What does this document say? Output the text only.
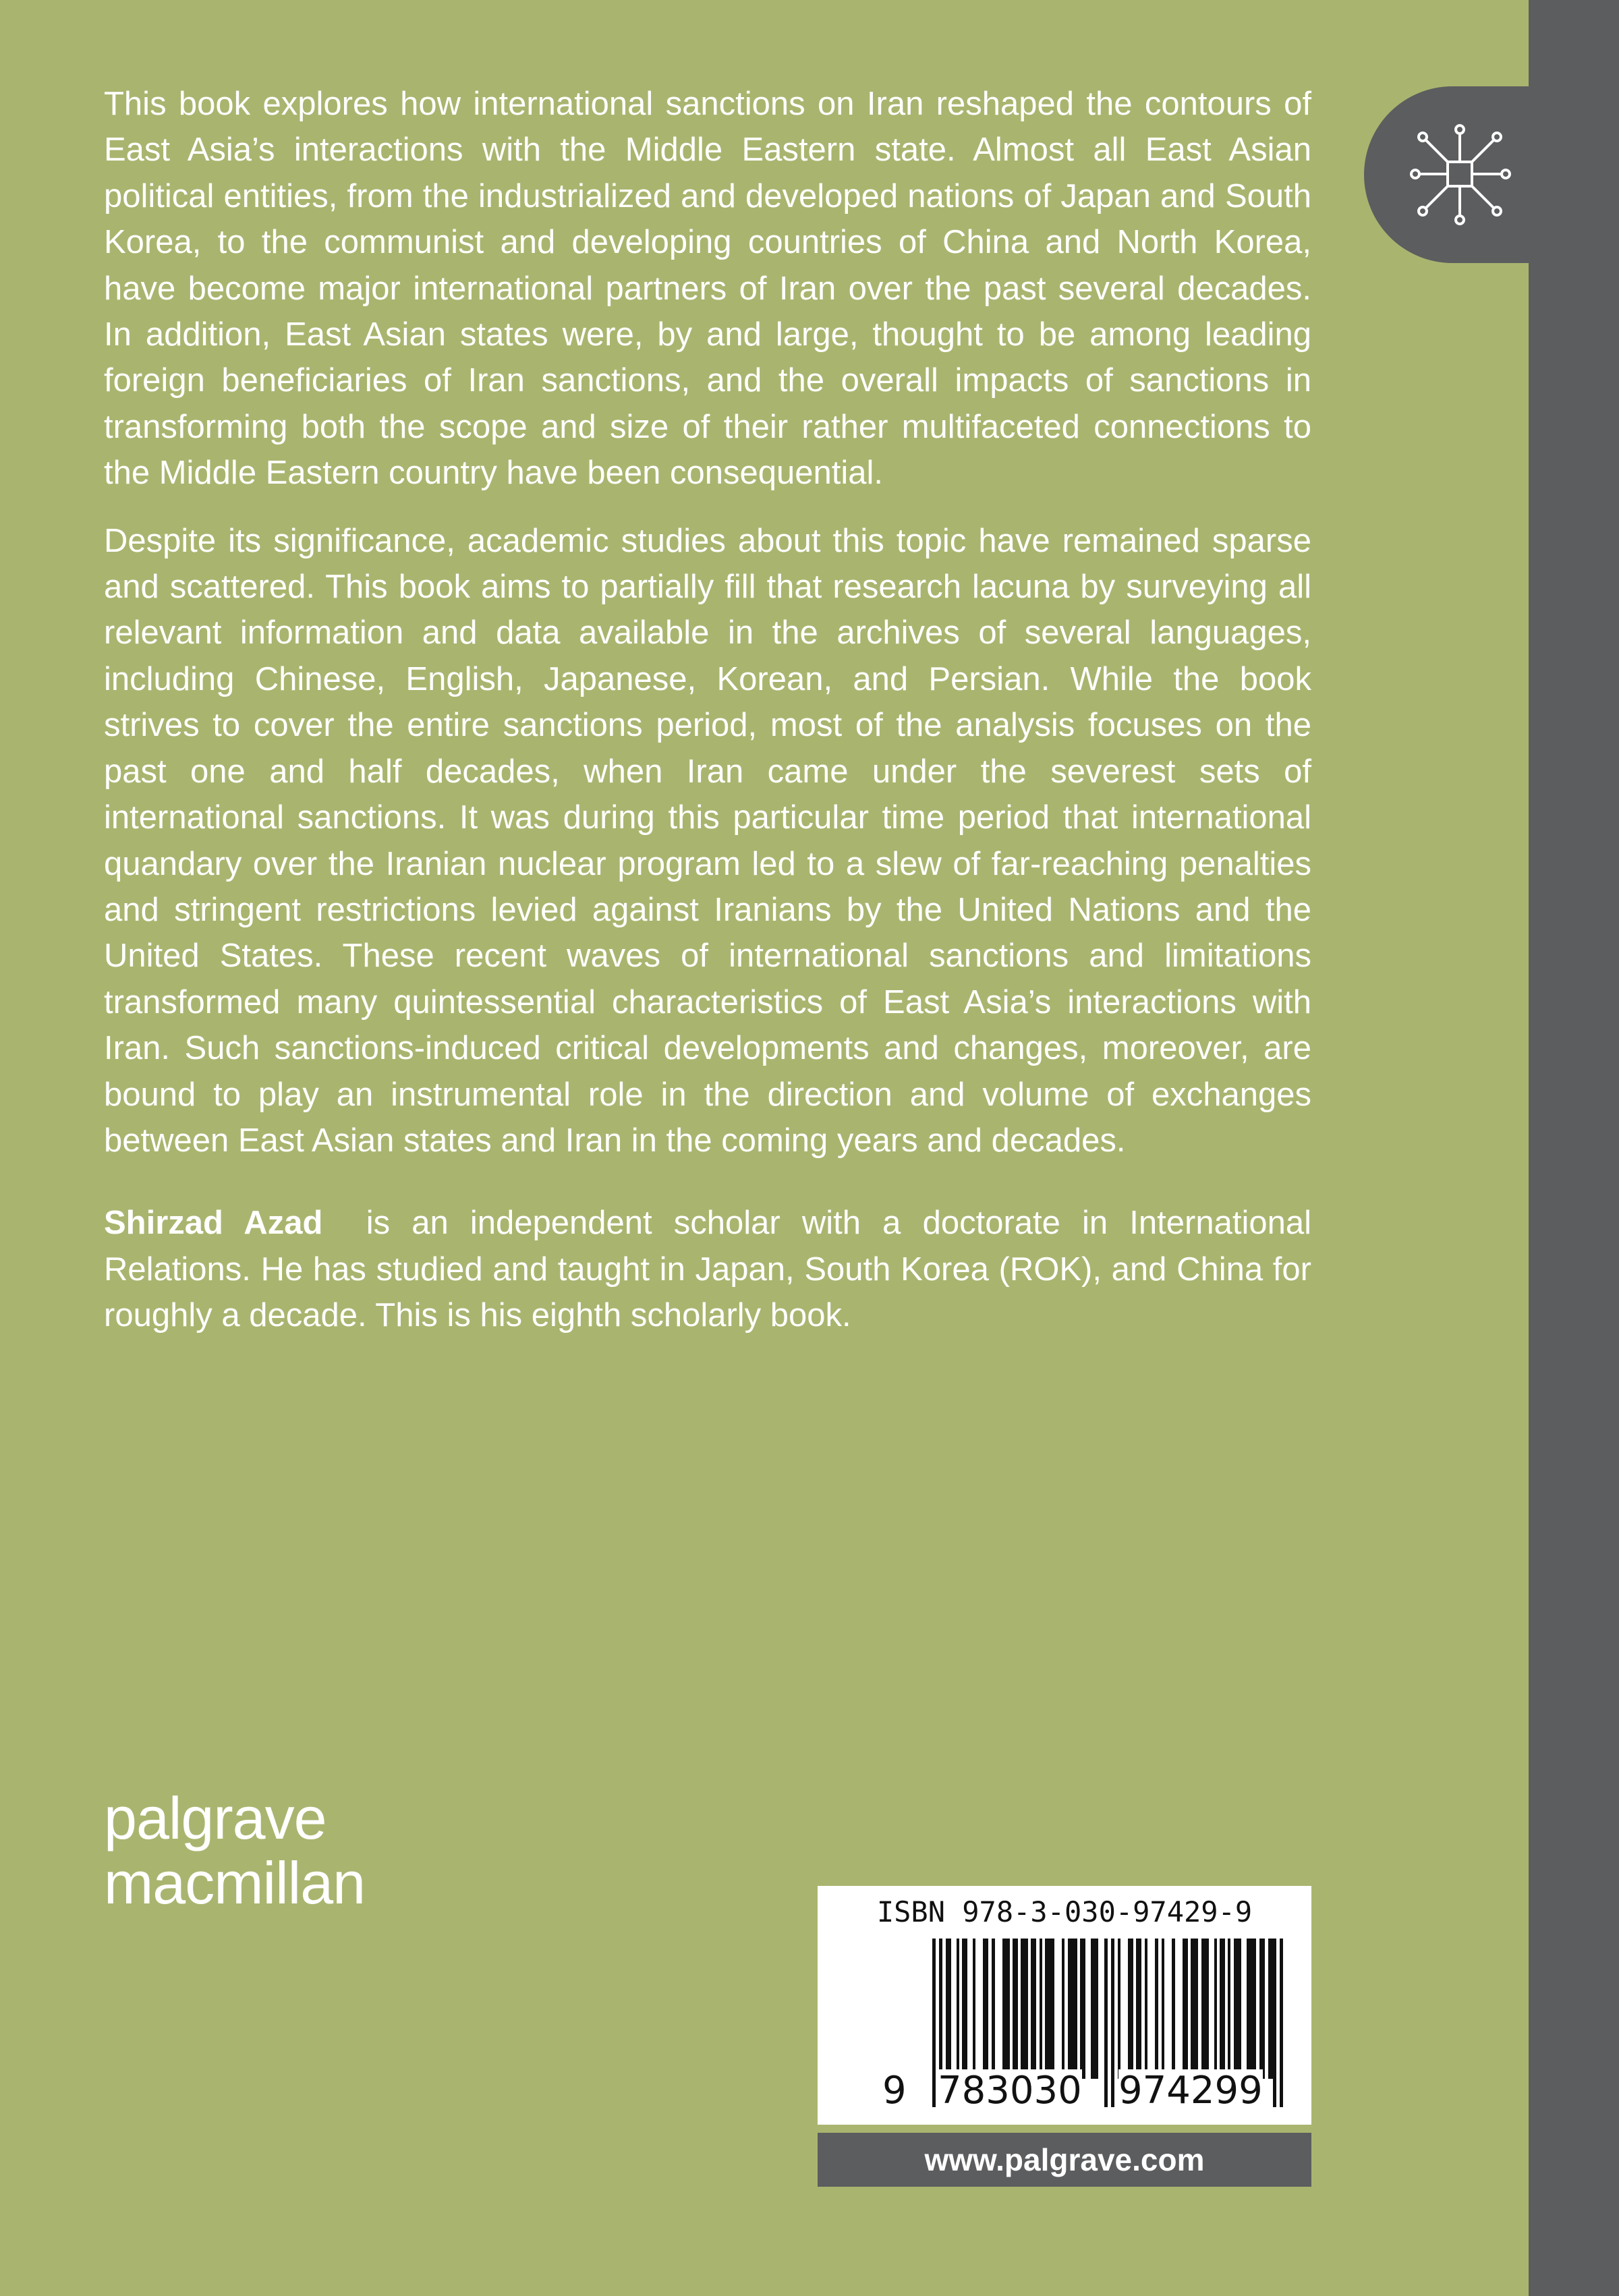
This book explores how international sanctions on Iran reshaped the contours of East Asia’s interactions with the Middle Eastern state. Almost all East Asian political entities, from the industrialized and developed nations of Japan and South Korea, to the communist and developing countries of China and North Korea, have become major international partners of Iran over the past several decades. In addition, East Asian states were, by and large, thought to be among leading foreign beneficiaries of Iran sanctions, and the overall impacts of sanctions in transforming both the scope and size of their rather multifaceted connections to the Middle Eastern country have been consequential.

Despite its significance, academic studies about this topic have remained sparse and scattered. This book aims to partially fill that research lacuna by surveying all relevant information and data available in the archives of several languages, including Chinese, English, Japanese, Korean, and Persian. While the book strives to cover the entire sanctions period, most of the analysis focuses on the past one and half decades, when Iran came under the severest sets of international sanctions. It was during this particular time period that international quandary over the Iranian nuclear program led to a slew of far-reaching penalties and stringent restrictions levied against Iranians by the United Nations and the United States. These recent waves of international sanctions and limitations transformed many quintessential characteristics of East Asia’s interactions with Iran. Such sanctions-induced critical developments and changes, moreover, are bound to play an instrumental role in the direction and volume of exchanges between East Asian states and Iran in the coming years and decades.

Shirzad Azad is an independent scholar with a doctorate in International Relations. He has studied and taught in Japan, South Korea (ROK), and China for roughly a decade. This is his eighth scholarly book.

palgrave
macmillan	ISBN 978-3-030-97429-9
9 783030 974299
www.palgrave.com
